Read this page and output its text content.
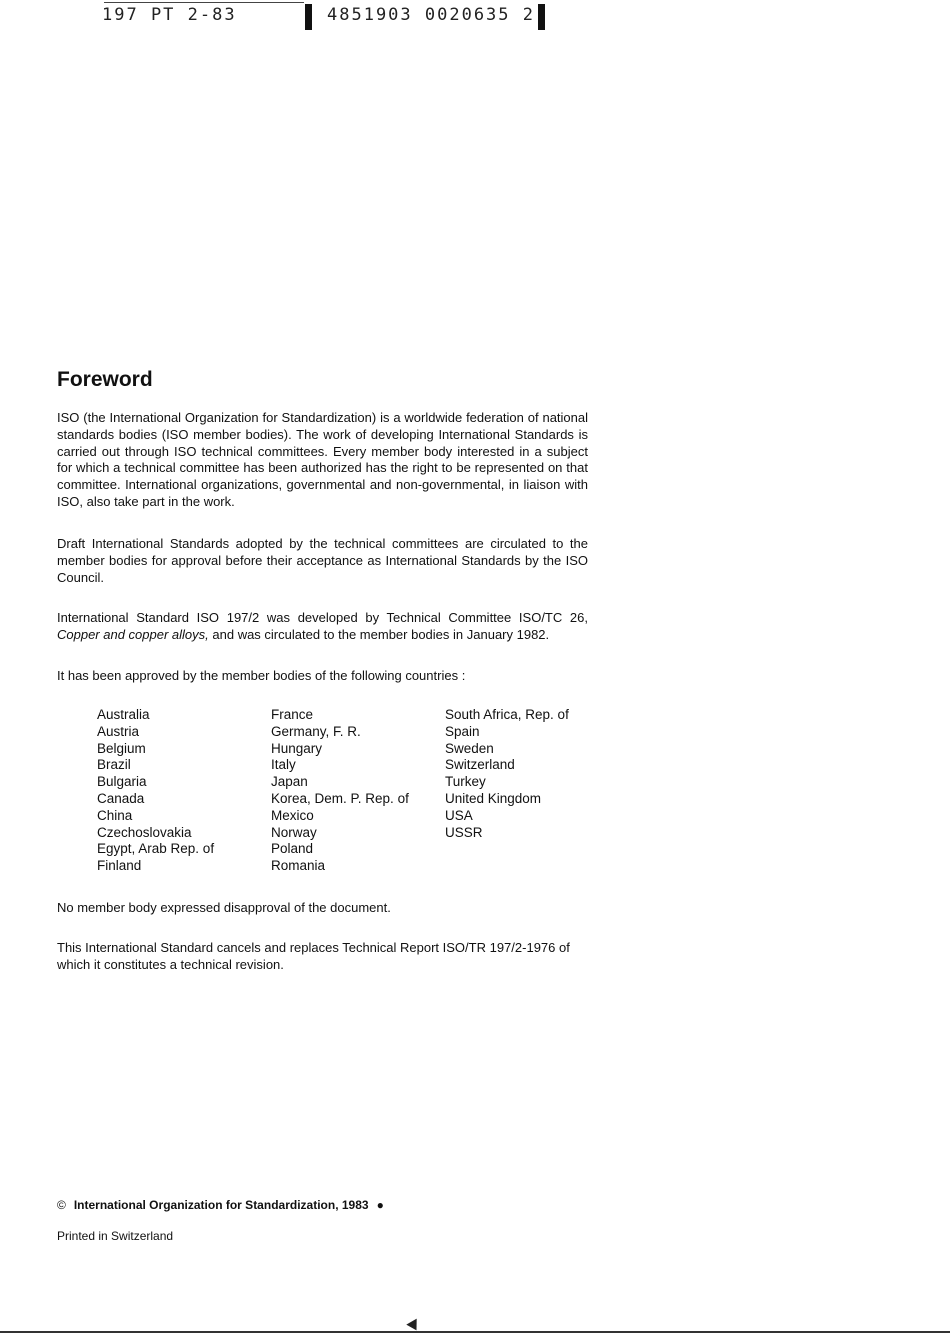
197 PT 2-83	4851903 0020635 2
Foreword

ISO (the International Organization for Standardization) is a worldwide federation of national standards bodies (ISO member bodies). The work of developing International Standards is carried out through ISO technical committees. Every member body interested in a subject for which a technical committee has been authorized has the right to be represented on that committee. International organizations, governmental and non-governmental, in liaison with ISO, also take part in the work.

Draft International Standards adopted by the technical committees are circulated to the member bodies for approval before their acceptance as International Standards by the ISO Council.

International Standard ISO 197/2 was developed by Technical Committee ISO/TC 26, Copper and copper alloys, and was circulated to the member bodies in January 1982.

It has been approved by the member bodies of the following countries :

Australia
Austria
Belgium
Brazil
Bulgaria
Canada
China
Czechoslovakia
Egypt, Arab Rep. of
Finland
France
Germany, F. R.
Hungary
Italy
Japan
Korea, Dem. P. Rep. of
Mexico
Norway
Poland
Romania
South Africa, Rep. of
Spain
Sweden
Switzerland
Turkey
United Kingdom
USA
USSR

No member body expressed disapproval of the document.

This International Standard cancels and replaces Technical Report ISO/TR 197/2-1976 of which it constitutes a technical revision.

© International Organization for Standardization, 1983 ●
Printed in Switzerland
